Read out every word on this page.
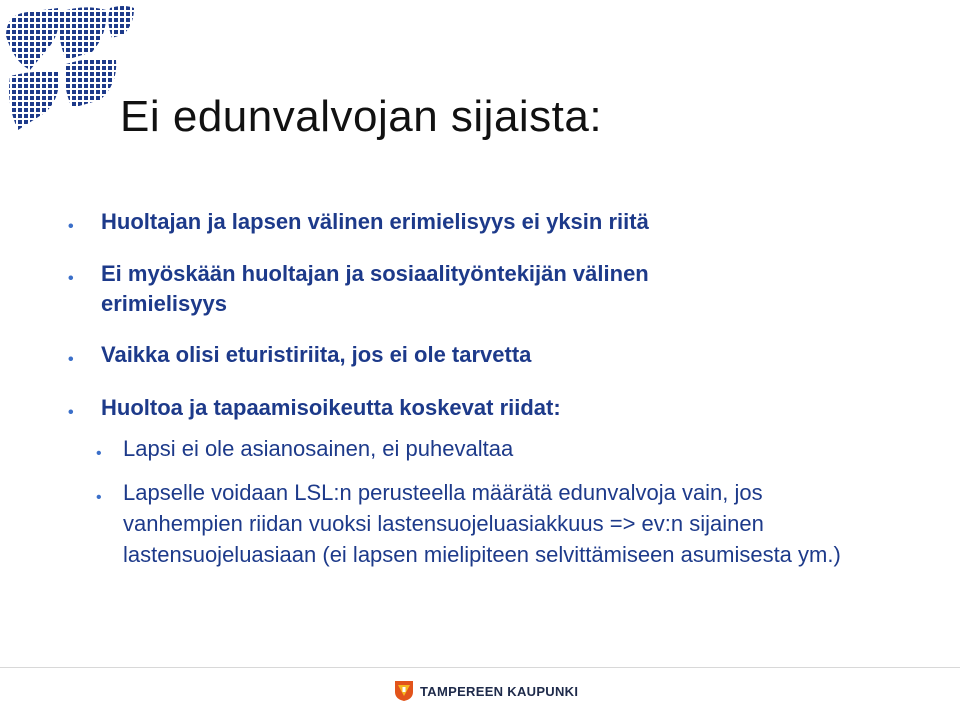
Ei edunvalvojan sijaista:
•	Huoltajan ja lapsen välinen erimielisyys ei yksin riitä
•	Ei myöskään huoltajan ja sosiaalityöntekijän välinen erimielisyys
•	Vaikka olisi eturistiriita, jos ei ole tarvetta
•	Huoltoa ja tapaamisoikeutta koskevat riidat:
• Lapsi ei ole asianosainen, ei puhevaltaa
• Lapselle voidaan LSL:n perusteella määrätä edunvalvoja vain, jos vanhempien riidan vuoksi lastensuojeluasiakkuus => ev:n sijainen lastensuojeluasiaan (ei lapsen mielipiteen selvittämiseen asumisesta ym.)
TAMPEREEN KAUPUNKI
